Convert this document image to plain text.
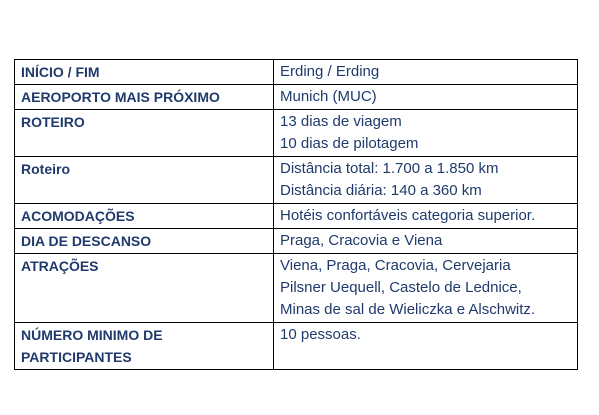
INÍCIO / FIM	Erding / Erding

AEROPORTO MAIS PRÓXIMO	Munich (MUC)

ROTEIRO	13 dias de viagem
10 dias de pilotagem

Roteiro	Distância total: 1.700 a 1.850 km
Distância diária: 140 a 360 km

ACOMODAÇÕES	Hotéis confortáveis categoria superior.

DIA DE DESCANSO	Praga, Cracovia e Viena

ATRAÇÕES	Viena, Praga, Cracovia, Cervejaria
Pilsner Uequell, Castelo de Lednice,
Minas de sal de Wieliczka e Alschwitz.

NÚMERO MINIMO DE
PARTICIPANTES	10 pessoas.
